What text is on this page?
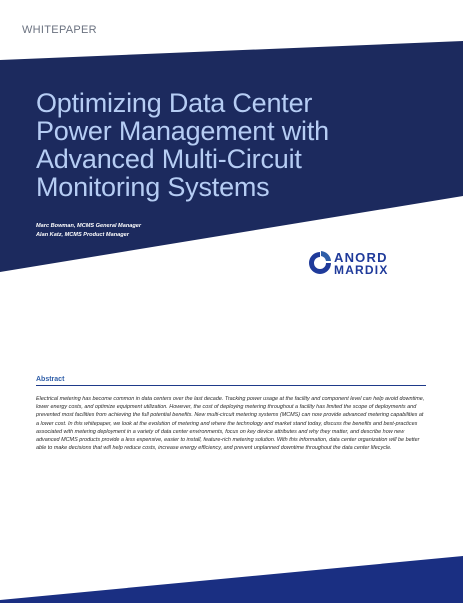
WHITEPAPER
Optimizing Data Center
Power Management with
Advanced Multi-Circuit
Monitoring Systems
Marc Bowman, MCMS General Manager
Alan Katz, MCMS Product Manager
ANORD
MARDIX
Abstract
Electrical metering has become common in data centers over the last decade. Tracking power usage at the facility and component level can help avoid downtime, lower energy costs, and optimize equipment utilization. However, the cost of deploying metering throughout a facility has limited the scope of deployments and prevented most facilities from achieving the full potential benefits. New multi-circuit metering systems (MCMS) can now provide advanced metering capabilities at a lower cost. In this whitepaper, we look at the evolution of metering and where the technology and market stand today, discuss the benefits and best-practices associated with metering deployment in a variety of data center environments, focus on key device attributes and why they matter, and describe how new advanced MCMS products provide a less expensive, easier to install, feature-rich metering solution. With this information, data center organization will be better able to make decisions that will help reduce costs, increase energy efficiency, and prevent unplanned downtime throughout the data center lifecycle.
